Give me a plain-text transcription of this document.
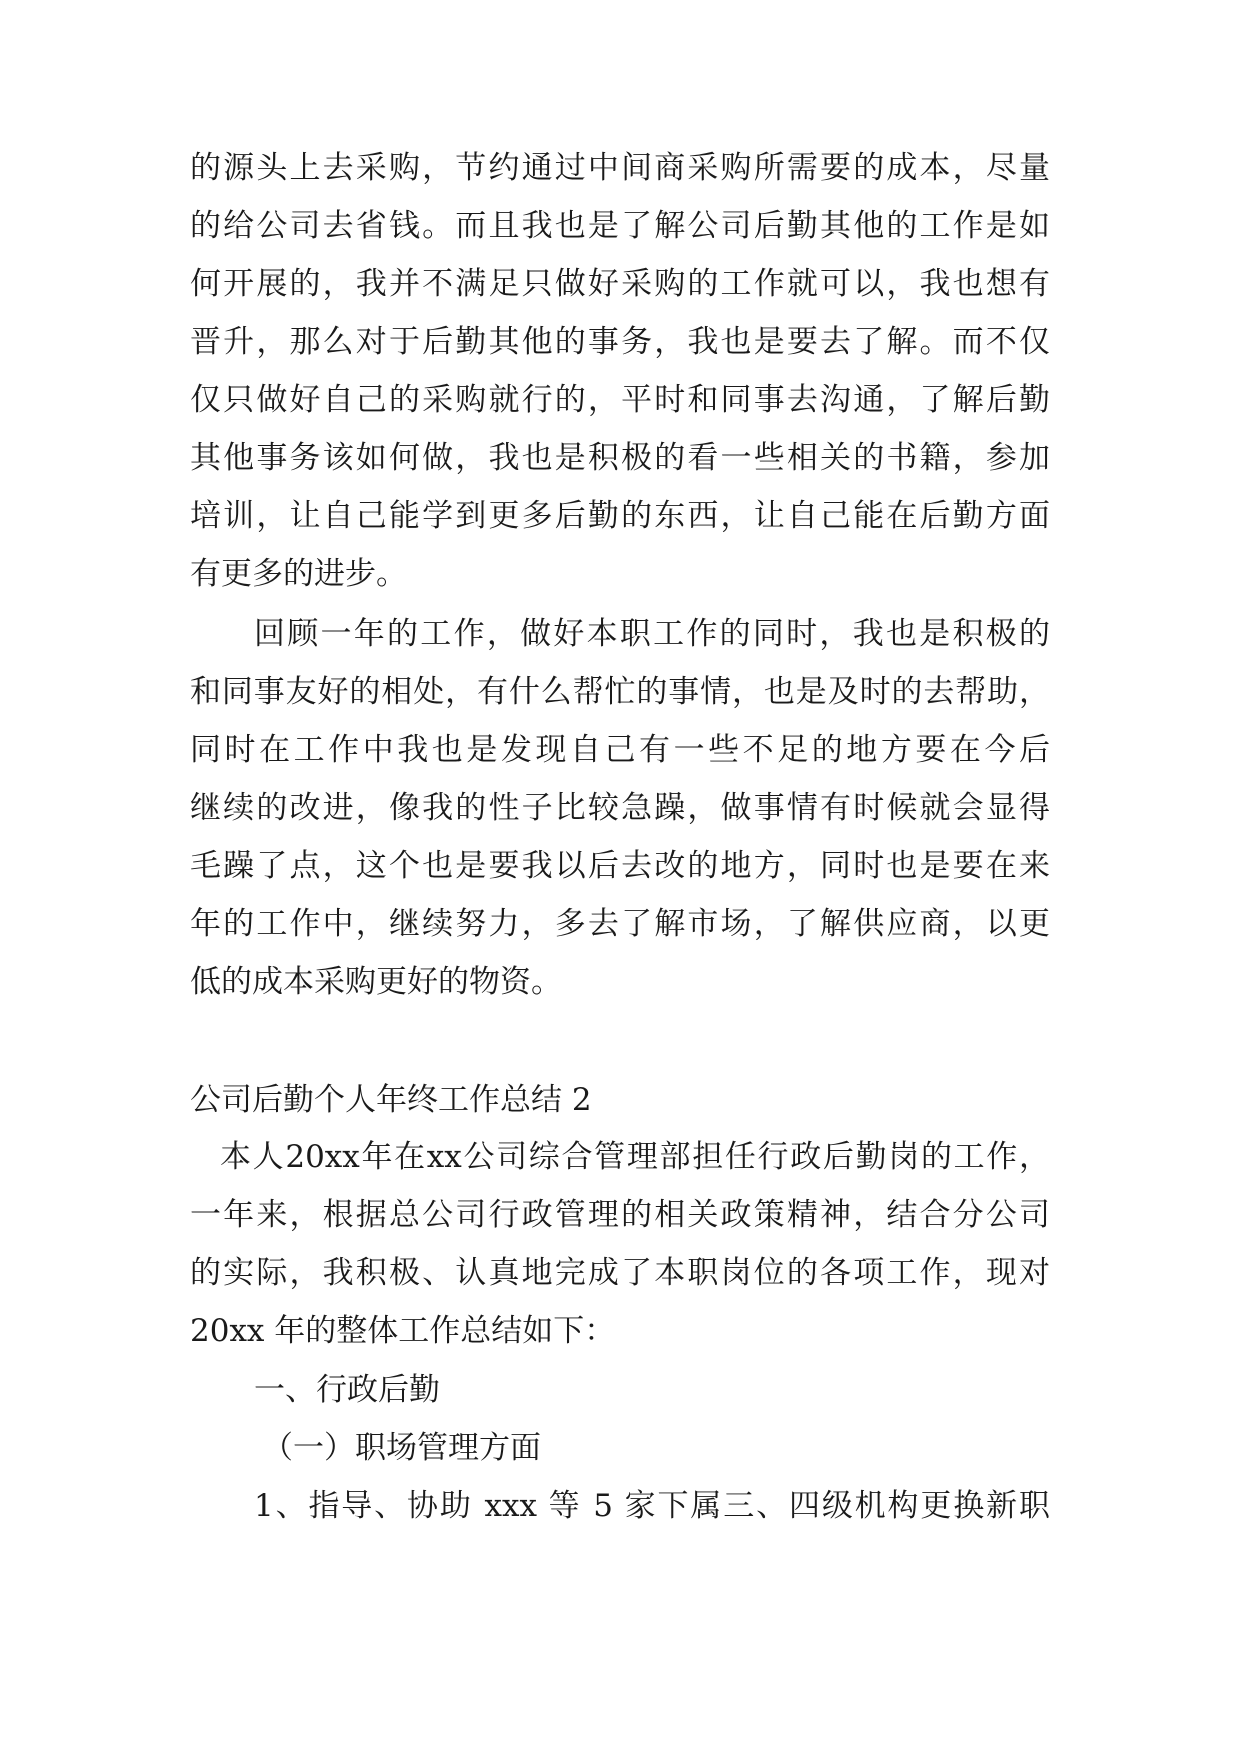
的源头上去采购，节约通过中间商采购所需要的成本，尽量
的给公司去省钱。而且我也是了解公司后勤其他的工作是如
何开展的，我并不满足只做好采购的工作就可以，我也想有
晋升，那么对于后勤其他的事务，我也是要去了解。而不仅
仅只做好自己的采购就行的，平时和同事去沟通，了解后勤
其他事务该如何做，我也是积极的看一些相关的书籍，参加
培训，让自己能学到更多后勤的东西，让自己能在后勤方面
有更多的进步。
回顾一年的工作，做好本职工作的同时，我也是积极的
和同事友好的相处，有什么帮忙的事情，也是及时的去帮助，
同时在工作中我也是发现自己有一些不足的地方要在今后
继续的改进，像我的性子比较急躁，做事情有时候就会显得
毛躁了点，这个也是要我以后去改的地方，同时也是要在来
年的工作中，继续努力，多去了解市场，了解供应商，以更
低的成本采购更好的物资。
公司后勤个人年终工作总结 2
本人20xx年在xx公司综合管理部担任行政后勤岗的工作，
一年来，根据总公司行政管理的相关政策精神，结合分公司
的实际，我积极、认真地完成了本职岗位的各项工作，现对
20xx 年的整体工作总结如下：
一、行政后勤
（一）职场管理方面
1、指导、协助 xxx 等 5 家下属三、四级机构更换新职
